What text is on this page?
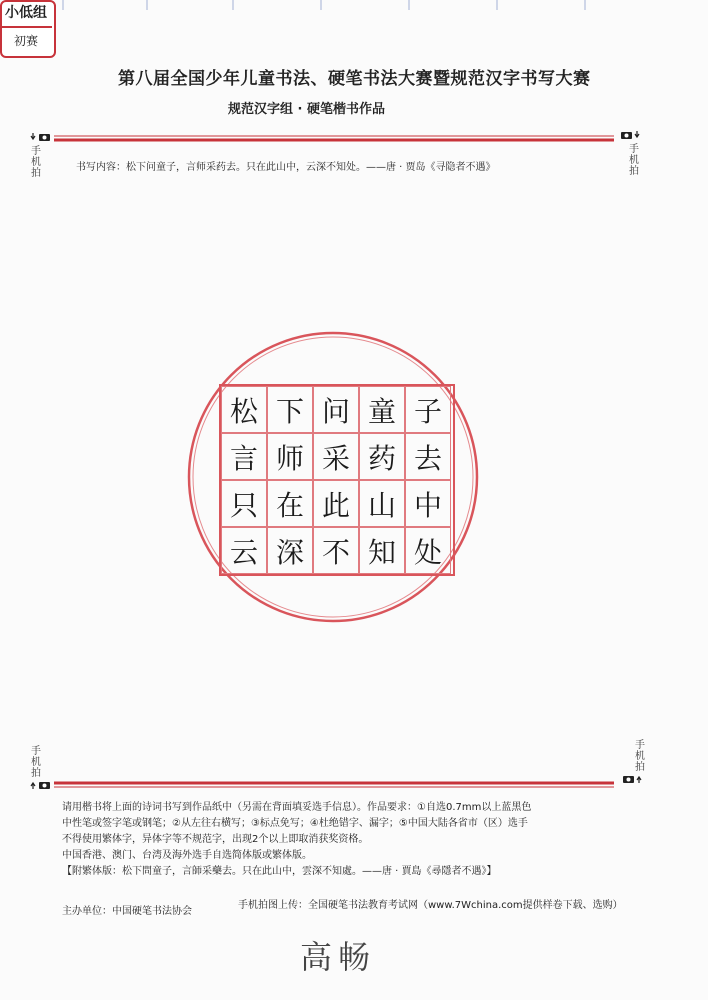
小低组
初赛
第八届全国少年儿童书法、硬笔书法大赛暨规范汉字书写大赛
规范汉字组 · 硬笔楷书作品
手机拍
手机拍
书写内容：松下问童子，言师采药去。只在此山中，云深不知处。——唐 · 贾岛《寻隐者不遇》
松 下 问 童 子
言 师 采 药 去
只 在 此 山 中
云 深 不 知 处
手机拍
手机拍
请用楷书将上面的诗词书写到作品纸中（另需在背面填妥选手信息）。作品要求：①自选0.7mm以上蓝黑色
中性笔或签字笔或钢笔；②从左往右横写；③标点免写；④杜绝错字、漏字；⑤中国大陆各省市（区）选手
不得使用繁体字，异体字等不规范字，出现2个以上即取消获奖资格。
中国香港、澳门、台湾及海外选手自选简体版或繁体版。
【附繁体版：松下問童子，言師采藥去。只在此山中，雲深不知處。——唐 · 賈島《尋隱者不遇》】
主办单位：中国硬笔书法协会
手机拍图上传：全国硬笔书法教育考试网（www.7Wchina.com提供样卷下载、选购）
高畅
